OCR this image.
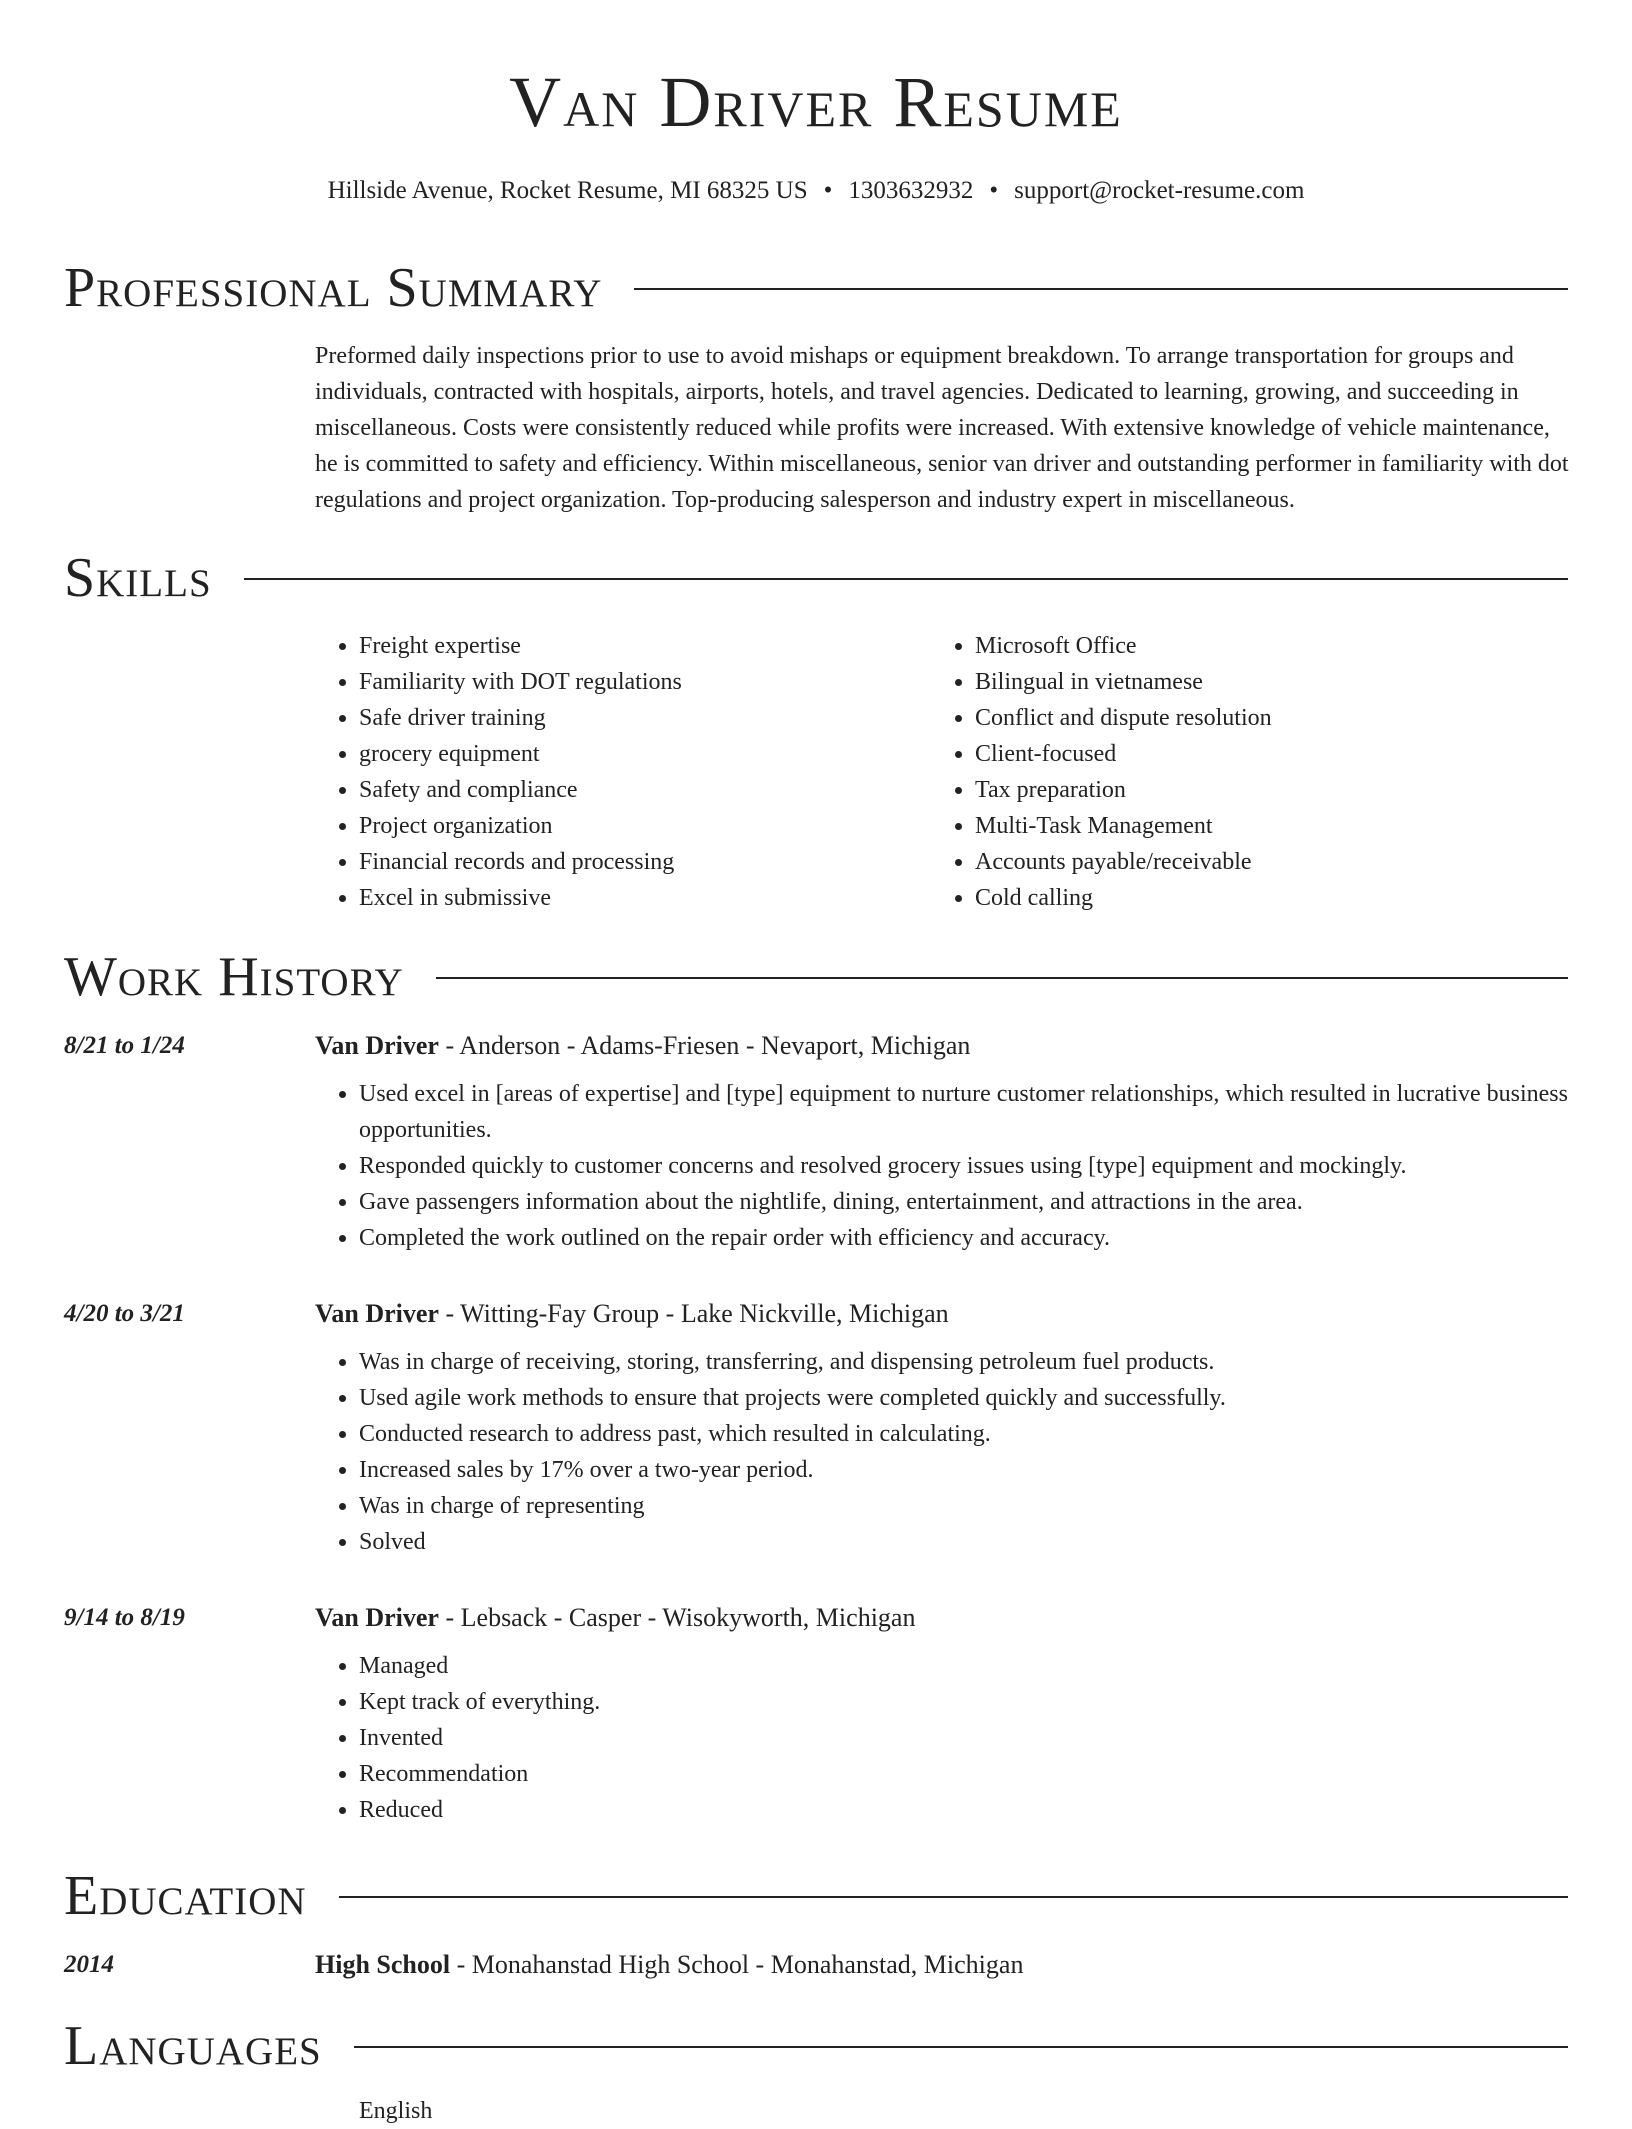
Van Driver Resume
Hillside Avenue, Rocket Resume, MI 68325 US • 1303632932 • support@rocket-resume.com
Professional Summary

Preformed daily inspections prior to use to avoid mishaps or equipment breakdown. To arrange transportation for groups and individuals, contracted with hospitals, airports, hotels, and travel agencies. Dedicated to learning, growing, and succeeding in miscellaneous. Costs were consistently reduced while profits were increased. With extensive knowledge of vehicle maintenance, he is committed to safety and efficiency. Within miscellaneous, senior van driver and outstanding performer in familiarity with dot regulations and project organization. Top-producing salesperson and industry expert in miscellaneous.

Skills
• Freight expertise
• Familiarity with DOT regulations
• Safe driver training
• grocery equipment
• Safety and compliance
• Project organization
• Financial records and processing
• Excel in submissive
• Microsoft Office
• Bilingual in vietnamese
• Conflict and dispute resolution
• Client-focused
• Tax preparation
• Multi-Task Management
• Accounts payable/receivable
• Cold calling
Work History
8/21 to 1/24	Van Driver - Anderson - Adams-Friesen - Nevaport, Michigan
• Used excel in [areas of expertise] and [type] equipment to nurture customer relationships, which resulted in lucrative business opportunities.
• Responded quickly to customer concerns and resolved grocery issues using [type] equipment and mockingly.
• Gave passengers information about the nightlife, dining, entertainment, and attractions in the area.
• Completed the work outlined on the repair order with efficiency and accuracy.
4/20 to 3/21	Van Driver - Witting-Fay Group - Lake Nickville, Michigan
• Was in charge of receiving, storing, transferring, and dispensing petroleum fuel products.
• Used agile work methods to ensure that projects were completed quickly and successfully.
• Conducted research to address past, which resulted in calculating.
• Increased sales by 17% over a two-year period.
• Was in charge of representing
• Solved
9/14 to 8/19	Van Driver - Lebsack - Casper - Wisokyworth, Michigan
• Managed
• Kept track of everything.
• Invented
• Recommendation
• Reduced
Education
2014	High School - Monahanstad High School - Monahanstad, Michigan
Languages
English
